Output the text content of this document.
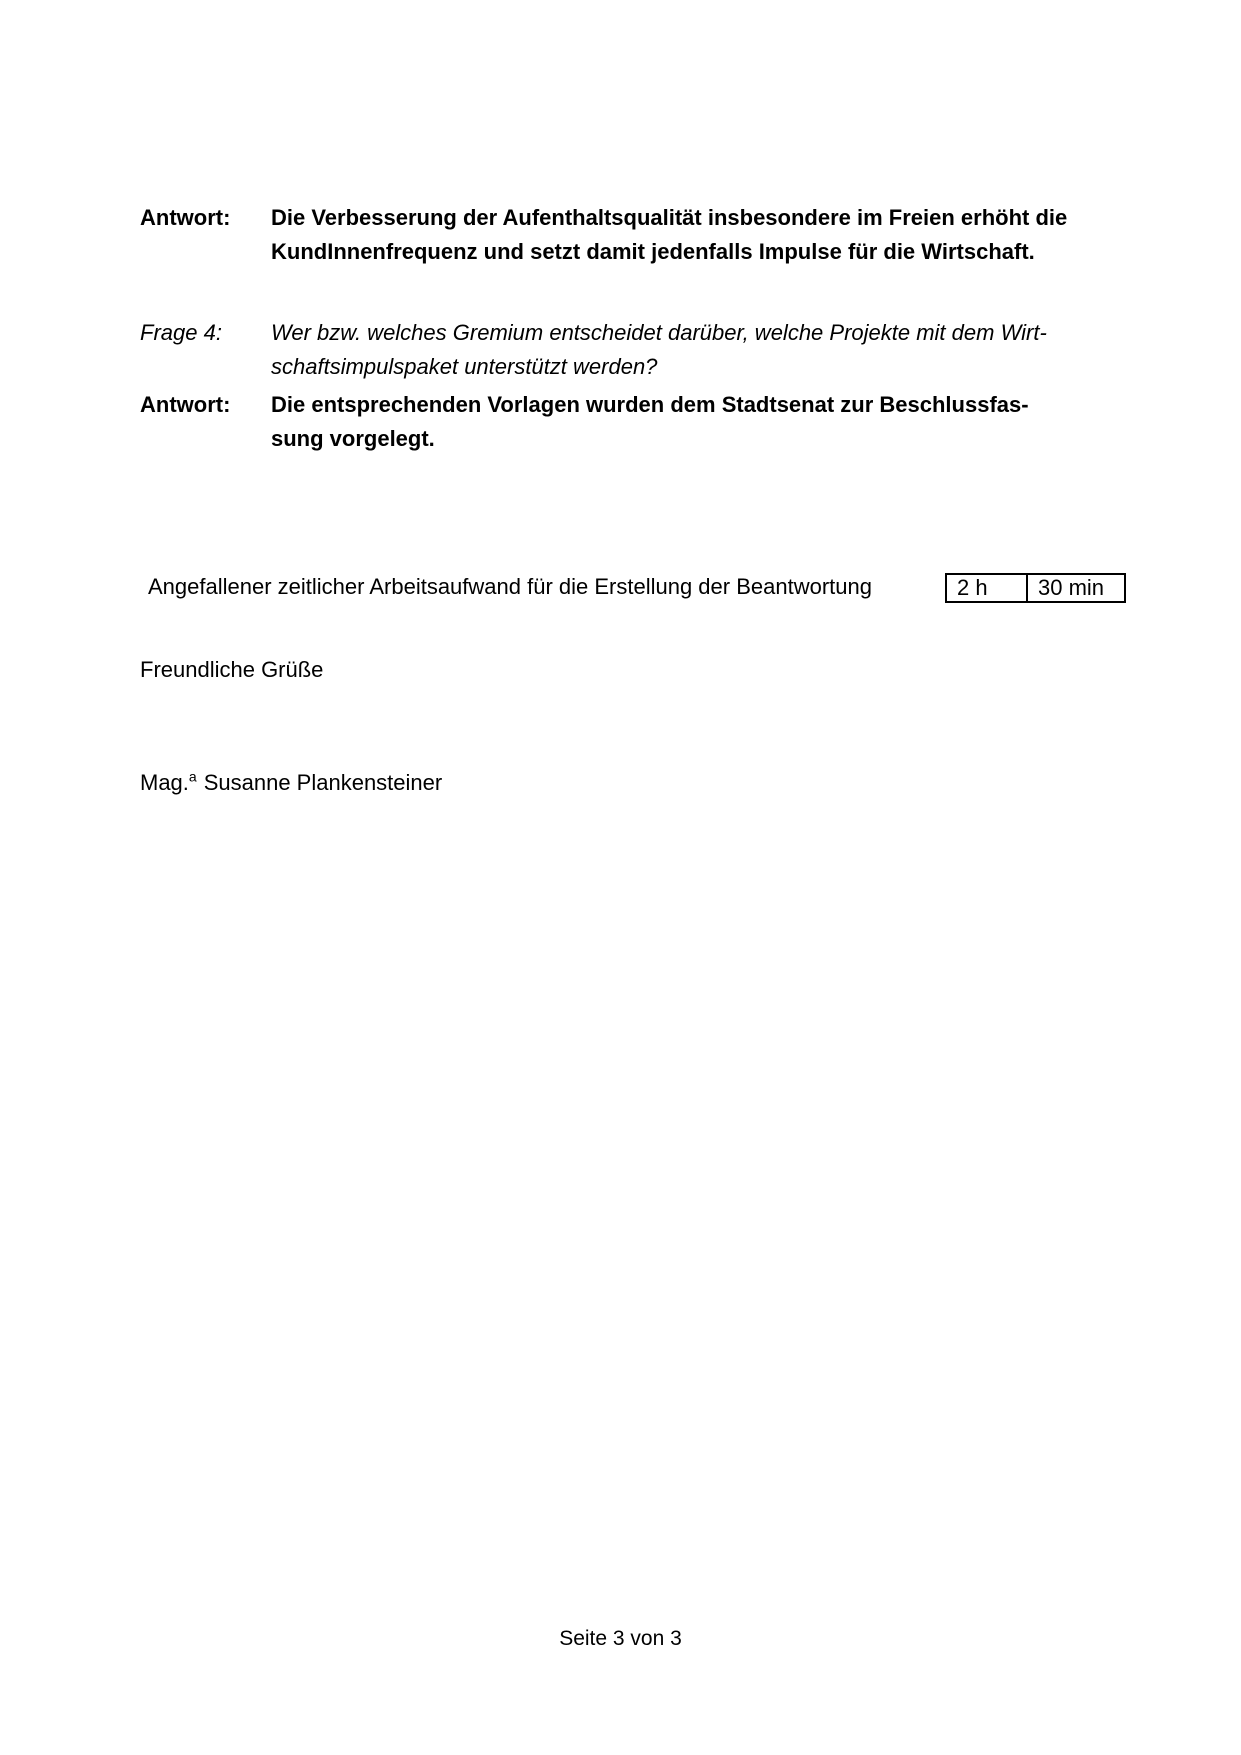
Antwort:	Die Verbesserung der Aufenthaltsqualität insbesondere im Freien erhöht die
KundInnenfrequenz und setzt damit jedenfalls Impulse für die Wirtschaft.
Frage 4:	Wer bzw. welches Gremium entscheidet darüber, welche Projekte mit dem Wirt-
schaftsimpulspaket unterstützt werden?
Antwort:	Die entsprechenden Vorlagen wurden dem Stadtsenat zur Beschlussfas-
sung vorgelegt.
Angefallener zeitlicher Arbeitsaufwand für die Erstellung der Beantwortung	2 h	30 min
Freundliche Grüße
Mag.$^a$ Susanne Plankensteiner
Seite 3 von 3
